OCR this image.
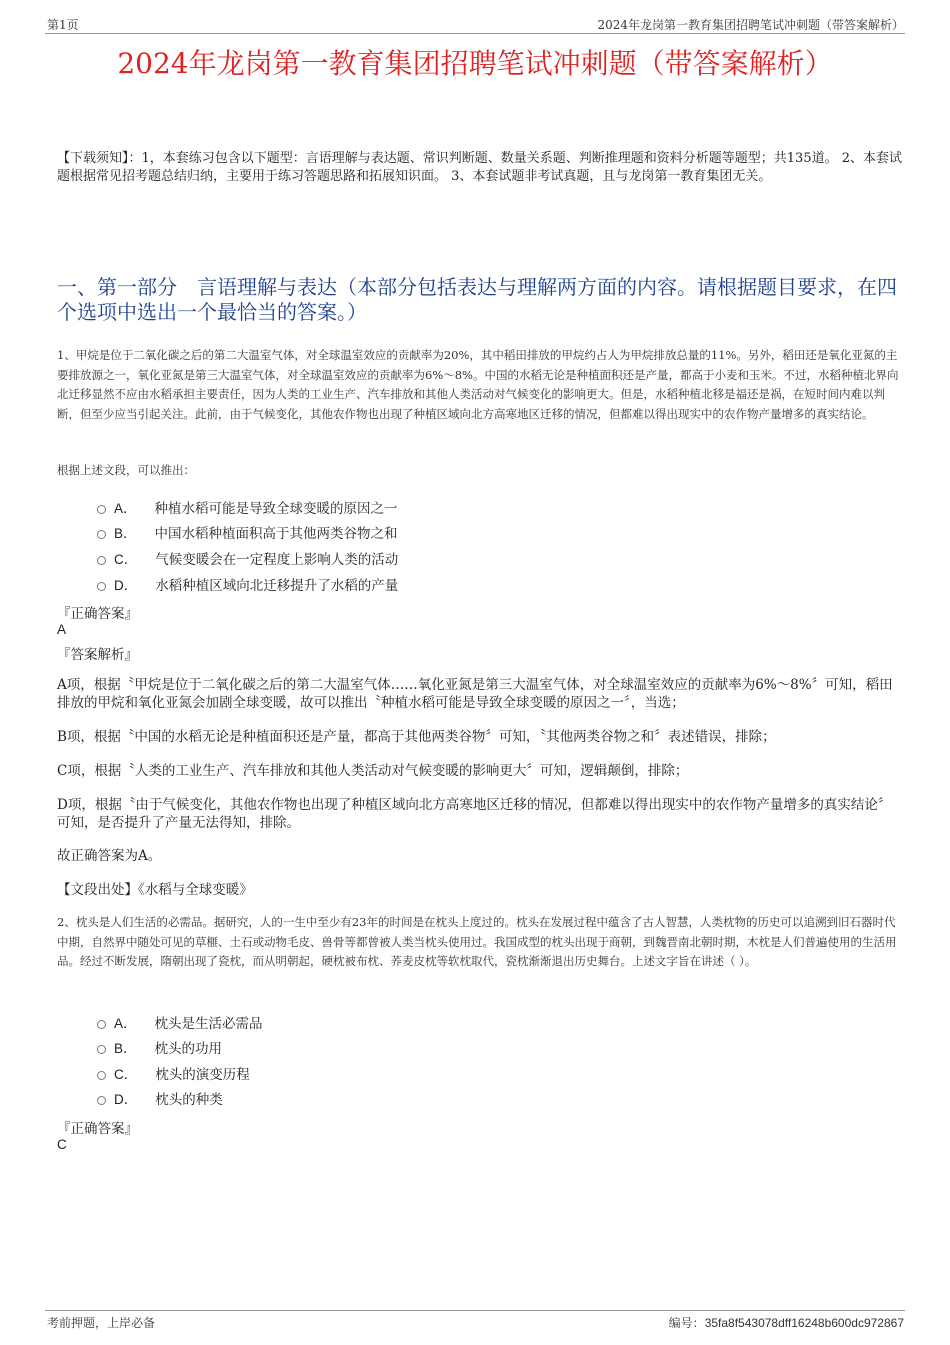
第1页	2024年龙岗第一教育集团招聘笔试冲刺题（带答案解析）
2024年龙岗第一教育集团招聘笔试冲刺题（带答案解析）
【下载须知】：1，本套练习包含以下题型：言语理解与表达题、常识判断题、数量关系题、判断推理题和资料分析题等题型；共135道。 2、本套试题根据常见招考题总结归纳，主要用于练习答题思路和拓展知识面。 3、本套试题非考试真题，且与龙岗第一教育集团无关。
一、第一部分　言语理解与表达（本部分包括表达与理解两方面的内容。请根据题目要求，在四个选项中选出一个最恰当的答案。）
1、甲烷是位于二氧化碳之后的第二大温室气体，对全球温室效应的贡献率为20%，其中稻田排放的甲烷约占人为甲烷排放总量的11%。另外，稻田还是氧化亚氮的主要排放源之一，氧化亚氮是第三大温室气体，对全球温室效应的贡献率为6%～8%。中国的水稻无论是种植面积还是产量，都高于小麦和玉米。不过，水稻种植北界向北迁移显然不应由水稻承担主要责任，因为人类的工业生产、汽车排放和其他人类活动对气候变化的影响更大。但是，水稻种植北移是福还是祸，在短时间内难以判断，但至少应当引起关注。此前，由于气候变化，其他农作物也出现了种植区域向北方高寒地区迁移的情况，但都难以得出现实中的农作物产量增多的真实结论。
根据上述文段，可以推出：
A． 种植水稻可能是导致全球变暖的原因之一
B． 中国水稻种植面积高于其他两类谷物之和
C． 气候变暖会在一定程度上影响人类的活动
D． 水稻种植区域向北迁移提升了水稻的产量
『正确答案』
A
『答案解析』
A项，根据〝甲烷是位于二氧化碳之后的第二大温室气体……氧化亚氮是第三大温室气体，对全球温室效应的贡献率为6%～8%〞可知，稻田排放的甲烷和氧化亚氮会加剧全球变暖，故可以推出〝种植水稻可能是导致全球变暖的原因之一〞，当选；
B项，根据〝中国的水稻无论是种植面积还是产量，都高于其他两类谷物〞可知，〝其他两类谷物之和〞表述错误，排除；
C项，根据〝人类的工业生产、汽车排放和其他人类活动对气候变暖的影响更大〞可知，逻辑颠倒，排除；
D项，根据〝由于气候变化，其他农作物也出现了种植区域向北方高寒地区迁移的情况，但都难以得出现实中的农作物产量增多的真实结论〞可知，是否提升了产量无法得知，排除。
故正确答案为A。
【文段出处】《水稻与全球变暖》
2、枕头是人们生活的必需品。据研究，人的一生中至少有23年的时间是在枕头上度过的。枕头在发展过程中蕴含了古人智慧，人类枕物的历史可以追溯到旧石器时代中期，自然界中随处可见的草榧、土石或动物毛皮、兽骨等都曾被人类当枕头使用过。我国成型的枕头出现于商朝，到魏晋南北朝时期，木枕是人们普遍使用的生活用品。经过不断发展，隋朝出现了瓷枕，而从明朝起，硬枕被布枕、荞麦皮枕等软枕取代，瓷枕渐渐退出历史舞台。上述文字旨在讲述（ ）。
A． 枕头是生活必需品
B． 枕头的功用
C． 枕头的演变历程
D． 枕头的种类
『正确答案』
C
考前押题，上岸必备	编号：35fa8f543078dff16248b600dc972867
